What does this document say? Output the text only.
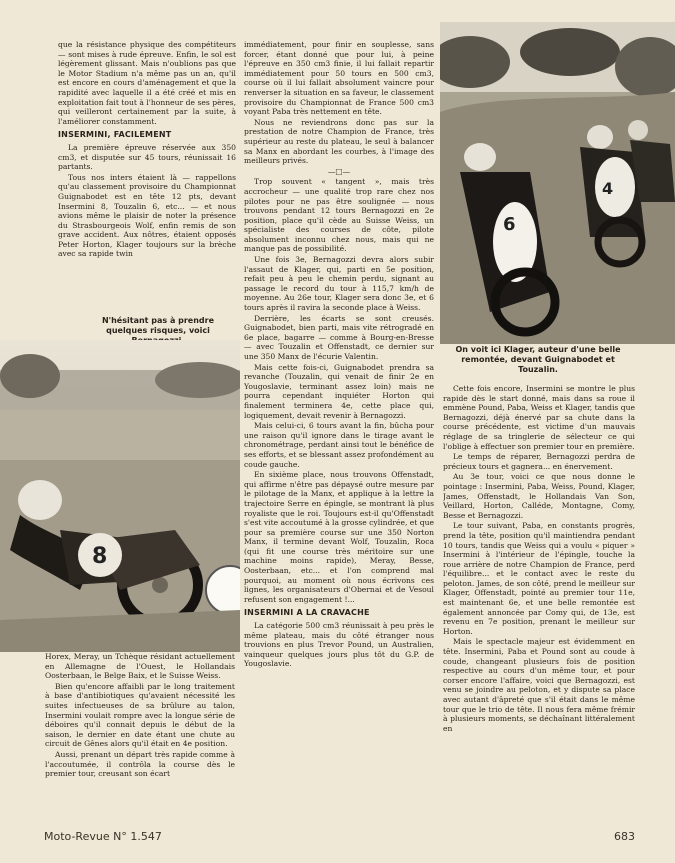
que la résistance physique des compétiteurs — sont mises à rude épreuve. Enfin, le sol est légèrement glissant. Mais n'oublions pas que le Motor Stadium n'a même pas un an, qu'il est encore en cours d'aménagement et que la rapidité avec laquelle il a été créé et mis en exploitation fait tout à l'honneur de ses pères, qui veilleront certainement par la suite, à l'améliorer constamment.

INSERMINI, FACILEMENT

La première épreuve réservée aux 350 cm3, et disputée sur 45 tours, réunissait 16 partants.

Tous nos inters étaient là — rappellons qu'au classement provisoire du Championnat Guignabodet est en tête 12 pts, devant Insermini 8, Touzalin 6, etc... — et nous avions même le plaisir de noter la présence du Strasbourgeois Wolf, enfin remis de son grave accident. Aux nôtres, étaient opposés Peter Horton, Klager toujours sur la brèche avec sa rapide twin

N'hésitant pas à prendre quelques risques, voici
8

Horex, Meray, un Tchèque résidant actuellement en Allemagne de l'Ouest, le Hollandais Oosterbaan, le Belge Baix, et le Suisse Weiss.

Bien qu'encore affaibli par le long traitement à base d'antibiotiques qu'avaient nécessité les suites infectueuses de sa brûlure au talon, Insermini voulait rompre avec la longue série de déboires qu'il connait depuis le début de la saison, le dernier en date étant une chute au circuit de Gênes alors qu'il était en 4e position.

Aussi, prenant un départ très rapide comme à l'accoutumée, il contrôla la course dès le premier tour, creusant son écart

immédiatement, pour finir en souplesse, sans forcer, étant donné que pour lui, à peine l'épreuve en 350 cm3 finie, il lui fallait repartir immédiatement pour 50 tours en 500 cm3, course où il lui fallait absolument vaincre pour renverser la situation en sa faveur, le classement provisoire du Championnat de France 500 cm3 voyant Paba très nettement en tête.

Nous ne reviendrons donc pas sur la prestation de notre Champion de France, très supérieur au reste du plateau, le seul à balancer sa Manx en abordant les courbes, à l'image des meilleurs privés.

—□—

Trop souvent « tangent », mais très accrocheur — une qualité trop rare chez nos pilotes pour ne pas être soulignée — nous trouvons pendant 12 tours Bernagozzi en 2e position, place qu'il cède au Suisse Weiss, un spécialiste des courses de côte, pilote absolument inconnu chez nous, mais qui ne manque pas de possibilité.

Une fois 3e, Bernagozzi devra alors subir l'assaut de Klager, qui, parti en 5e position, refait peu à peu le chemin perdu, signant au passage le record du tour à 115,7 km/h de moyenne. Au 26e tour, Klager sera donc 3e, et 6 tours après il ravira la seconde place à Weiss.

Derrière, les écarts se sont creusés. Guignabodet, bien parti, mais vite rétrogradé en 6e place, bagarre — comme à Bourg-en-Bresse — avec Touzalin et Offenstadt, ce dernier sur une 350 Manx de l'écurie Valentin.

Mais cette fois-ci, Guignabodet prendra sa revanche (Touzalin, qui venait de finir 2e en Yougoslavie, terminant assez loin) mais ne pourra cependant inquiéter Horton qui finalement terminera 4e, cette place qui, logiquement, devait revenir à Bernagozzi.

Mais celui-ci, 6 tours avant la fin, bûcha pour une raison qu'il ignore dans le tirage avant le chronométrage, perdant ainsi tout le bénéfice de ses efforts, et se blessant assez profondément au coude gauche.

En sixième place, nous trouvons Offenstadt, qui affirme n'être pas dépaysé outre mesure par le pilotage de la Manx, et applique à la lettre la trajectoire Serre en épingle, se montrant là plus royaliste que le roi. Toujours est-il qu'Offenstadt s'est vite accoutumé à la grosse cylindrée, et que pour sa première course sur une 350 Norton Manx, il termine devant Wolf, Touzalin, Roca (qui fit une course très méritoire sur une machine moins rapide), Meray, Besse, Oosterbaan, etc... et l'on comprend mal pourquoi, au moment où nous écrivons ces lignes, les organisateurs d'Obernai et de Vesoul refusent son engagement !...

INSERMINI A LA CRAVACHE

La catégorie 500 cm3 réunissait à peu près le même plateau, mais du côté étranger nous trouvions en plus Trevor Pound, un Australien, vainqueur quelques jours plus tôt du G.P. de Yougoslavie.

6
4
On voit ici Klager, auteur d'une belle remontée, devant Guignabodet et Touzalin.

Cette fois encore, Insermini se montre le plus rapide dès le start donné, mais dans sa roue il emmène Pound, Paba, Weiss et Klager, tandis que Bernagozzi, déjà énervé par sa chute dans la course précédente, est victime d'un mauvais réglage de sa tringlerie de sélecteur ce qui l'oblige à effectuer son premier tour en première.

Le temps de réparer, Bernagozzi perdra de précieux tours et gagnera... en énervement.

Au 3e tour, voici ce que nous donne le pointage : Insermini, Paba, Weiss, Pound, Klager, James, Offenstadt, le Hollandais Van Son, Veillard, Horton, Calléde, Montagne, Comy, Besse et Bernagozzi.

Le tour suivant, Paba, en constants progrès, prend la tête, position qu'il maintiendra pendant 10 tours, tandis que Weiss qui a voulu « piquer » Insermini à l'intérieur de l'épingle, touche la roue arrière de notre Champion de France, perd l'équilibre... et le contact avec le reste du peloton. James, de son côté, prend le meilleur sur Klager, Offenstadt, pointé au premier tour 11e, est maintenant 6e, et une belle remontée est également annoncée par Comy qui, de 13e, est revenu en 7e position, prenant le meilleur sur Horton.

Mais le spectacle majeur est évidemment en tête. Insermini, Paba et Pound sont au coude à coude, changeant plusieurs fois de position respective au cours d'un même tour, et pour corser encore l'affaire, voici que Bernagozzi, est venu se joindre au peloton, et y dispute sa place avec autant d'âpreté que s'il était dans le même tour que le trio de tête. Il nous fera même frémir à plusieurs moments, se déchaînant littéralement en

Moto-Revue N° 1.547	683
